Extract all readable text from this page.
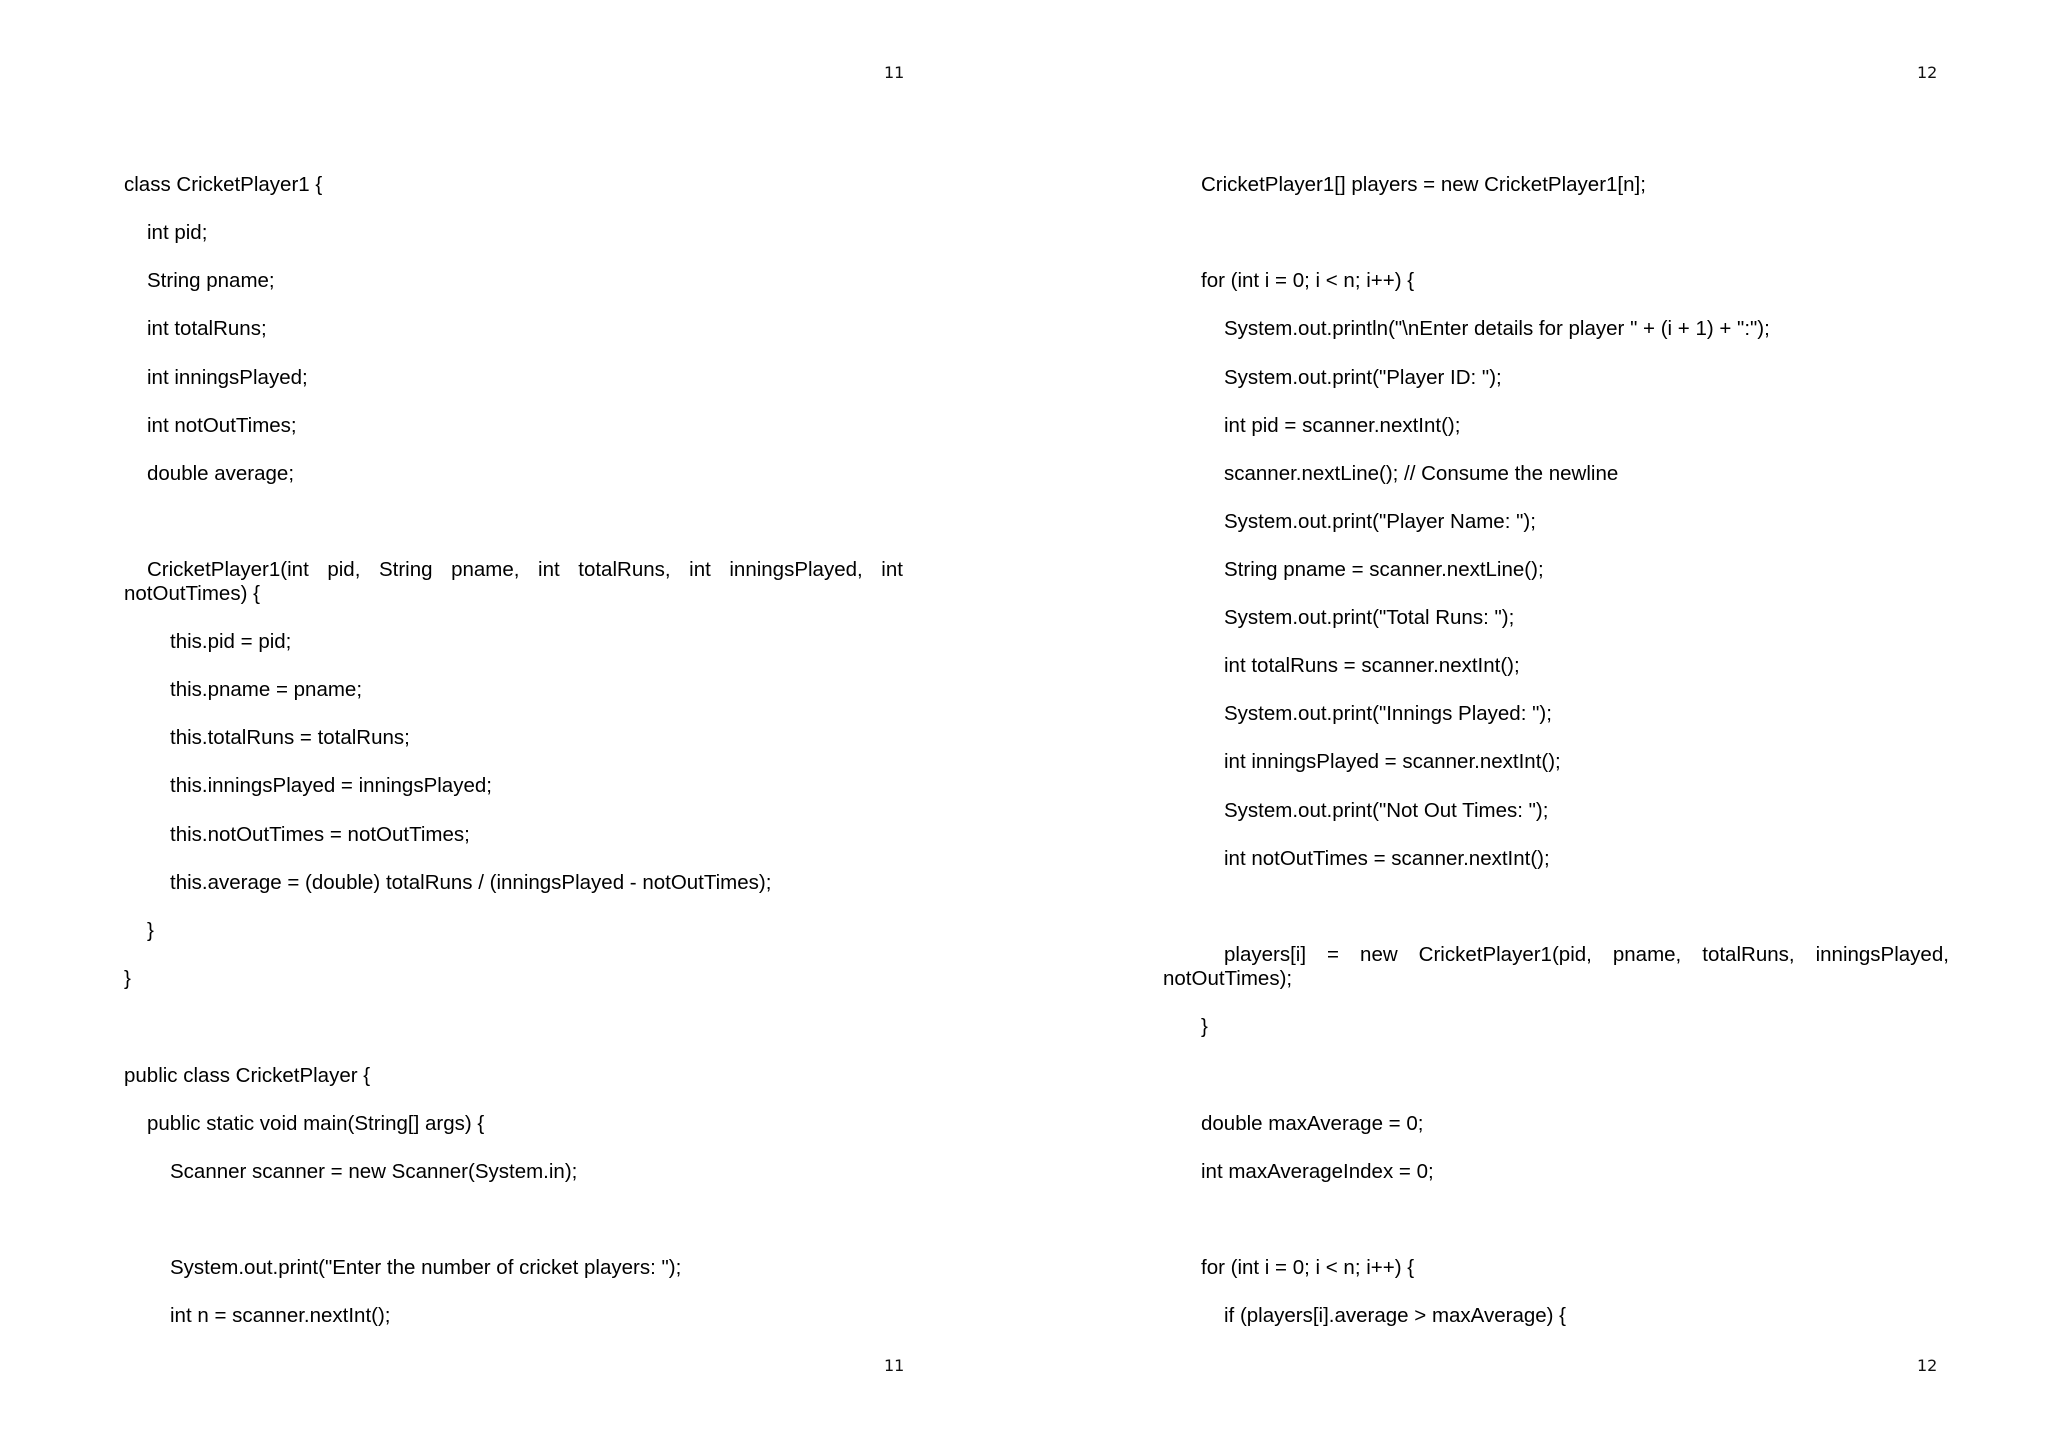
11
class CricketPlayer1 {
int pid;
String pname;
int totalRuns;
int inningsPlayed;
int notOutTimes;
double average;
CricketPlayer1(int pid, String pname, int totalRuns, int inningsPlayed, int
notOutTimes) {
this.pid = pid;
this.pname = pname;
this.totalRuns = totalRuns;
this.inningsPlayed = inningsPlayed;
this.notOutTimes = notOutTimes;
this.average = (double) totalRuns / (inningsPlayed - notOutTimes);
}
}
public class CricketPlayer {
public static void main(String[] args) {
Scanner scanner = new Scanner(System.in);
System.out.print("Enter the number of cricket players: ");
int n = scanner.nextInt();
11
12
CricketPlayer1[] players = new CricketPlayer1[n];
for (int i = 0; i < n; i++) {
System.out.println("\nEnter details for player " + (i + 1) + ":");
System.out.print("Player ID: ");
int pid = scanner.nextInt();
scanner.nextLine(); // Consume the newline
System.out.print("Player Name: ");
String pname = scanner.nextLine();
System.out.print("Total Runs: ");
int totalRuns = scanner.nextInt();
System.out.print("Innings Played: ");
int inningsPlayed = scanner.nextInt();
System.out.print("Not Out Times: ");
int notOutTimes = scanner.nextInt();
players[i] = new CricketPlayer1(pid, pname, totalRuns, inningsPlayed,
notOutTimes);
}
double maxAverage = 0;
int maxAverageIndex = 0;
for (int i = 0; i < n; i++) {
if (players[i].average > maxAverage) {
12
